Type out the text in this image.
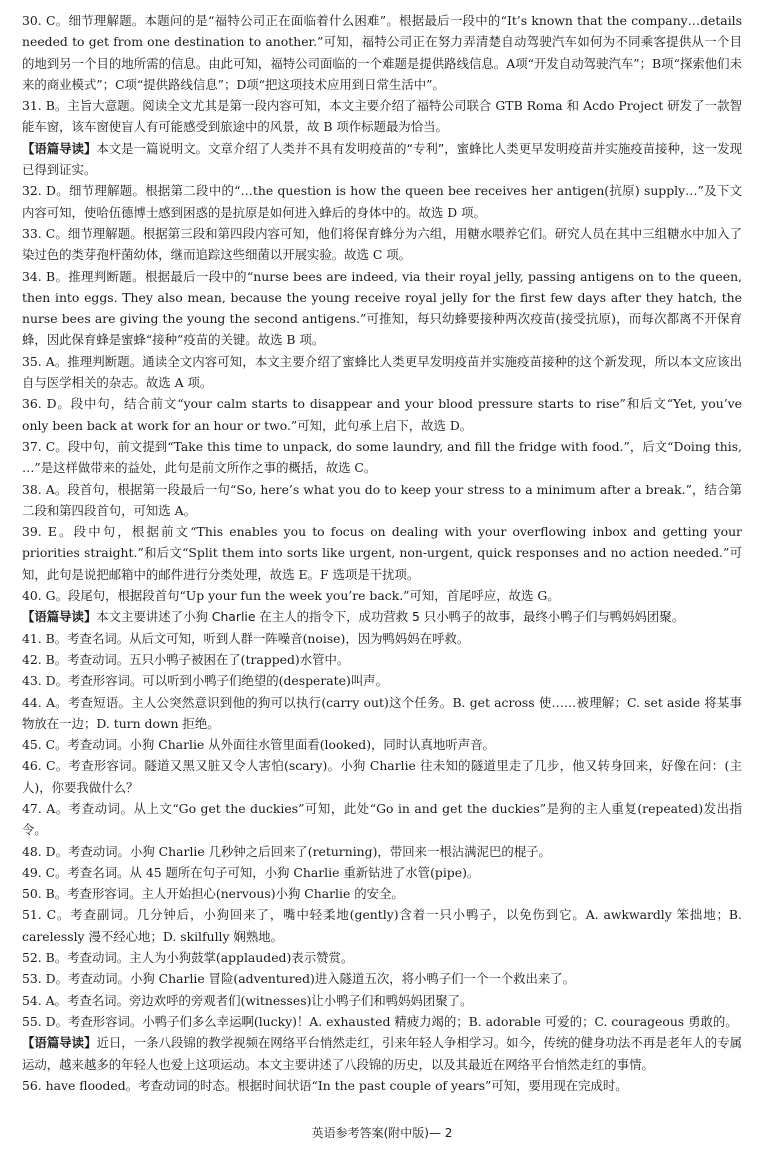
30. C。细节理解题。本题问的是“福特公司正在面临着什么困难”。根据最后一段中的“It’s known that the company…details needed to get from one destination to another.”可知，福特公司正在努力弄清楚自动驾驶汽车如何为不同乘客提供从一个目的地到另一个目的地所需的信息。由此可知，福特公司面临的一个难题是提供路线信息。A项“开发自动驾驶汽车”；B项“探索他们未来的商业模式”；C项“提供路线信息”；D项“把这项技术应用到日常生活中”。

31. B。主旨大意题。阅读全文尤其是第一段内容可知，本文主要介绍了福特公司联合 GTB Roma 和 Acdo Project 研发了一款智能车窗，该车窗使盲人有可能感受到旅途中的风景，故 B 项作标题最为恰当。

【语篇导读】本文是一篇说明文。文章介绍了人类并不具有发明疫苗的“专利”，蜜蜂比人类更早发明疫苗并实施疫苗接种，这一发现已得到证实。

32. D。细节理解题。根据第二段中的“…the question is how the queen bee receives her antigen(抗原) supply…”及下文内容可知，使哈伍德博士感到困惑的是抗原是如何进入蜂后的身体中的。故选 D 项。

33. C。细节理解题。根据第三段和第四段内容可知，他们将保育蜂分为六组，用糖水喂养它们。研究人员在其中三组糖水中加入了染过色的类芽孢杆菌幼体，继而追踪这些细菌以开展实验。故选 C 项。

34. B。推理判断题。根据最后一段中的“nurse bees are indeed, via their royal jelly, passing antigens on to the queen, then into eggs. They also mean, because the young receive royal jelly for the first few days after they hatch, the nurse bees are giving the young the second antigens.”可推知，每只幼蜂要接种两次疫苗(接受抗原)，而每次都离不开保育蜂，因此保育蜂是蜜蜂“接种”疫苗的关键。故选 B 项。

35. A。推理判断题。通读全文内容可知，本文主要介绍了蜜蜂比人类更早发明疫苗并实施疫苗接种的这个新发现，所以本文应该出自与医学相关的杂志。故选 A 项。

36. D。段中句，结合前文“your calm starts to disappear and your blood pressure starts to rise”和后文“Yet, you’ve only been back at work for an hour or two.”可知，此句承上启下，故选 D。

37. C。段中句，前文提到“Take this time to unpack, do some laundry, and fill the fridge with food.”，后文“Doing this, …”是这样做带来的益处，此句是前文所作之事的概括，故选 C。

38. A。段首句，根据第一段最后一句“So, here’s what you do to keep your stress to a minimum after a break.”，结合第二段和第四段首句，可知选 A。

39. E。段中句，根据前文“This enables you to focus on dealing with your overflowing inbox and getting your priorities straight.”和后文“Split them into sorts like urgent, non-urgent, quick responses and no action needed.”可知，此句是说把邮箱中的邮件进行分类处理，故选 E。F 选项是干扰项。

40. G。段尾句，根据段首句“Up your fun the week you’re back.”可知，首尾呼应，故选 G。

【语篇导读】本文主要讲述了小狗 Charlie 在主人的指令下，成功营救 5 只小鸭子的故事，最终小鸭子们与鸭妈妈团聚。

41. B。考查名词。从后文可知，听到人群一阵噪音(noise)，因为鸭妈妈在呼救。

42. B。考查动词。五只小鸭子被困在了(trapped)水管中。

43. D。考查形容词。可以听到小鸭子们绝望的(desperate)叫声。

44. A。考查短语。主人公突然意识到他的狗可以执行(carry out)这个任务。B. get across 使……被理解；C. set aside 将某事物放在一边；D. turn down 拒绝。

45. C。考查动词。小狗 Charlie 从外面往水管里面看(looked)，同时认真地听声音。

46. C。考查形容词。隧道又黑又脏又令人害怕(scary)。小狗 Charlie 往未知的隧道里走了几步，他又转身回来，好像在问：(主人)，你要我做什么？

47. A。考查动词。从上文“Go get the duckies”可知，此处“Go in and get the duckies”是狗的主人重复(repeated)发出指令。

48. D。考查动词。小狗 Charlie 几秒钟之后回来了(returning)，带回来一根沾满泥巴的棍子。

49. C。考查名词。从 45 题所在句子可知，小狗 Charlie 重新钻进了水管(pipe)。

50. B。考查形容词。主人开始担心(nervous)小狗 Charlie 的安全。

51. C。考查副词。几分钟后，小狗回来了，嘴中轻柔地(gently)含着一只小鸭子，以免伤到它。A. awkwardly 笨拙地；B. carelessly 漫不经心地；D. skilfully 娴熟地。

52. B。考查动词。主人为小狗鼓掌(applauded)表示赞赏。

53. D。考查动词。小狗 Charlie 冒险(adventured)进入隧道五次，将小鸭子们一个一个救出来了。

54. A。考查名词。旁边欢呼的旁观者们(witnesses)让小鸭子们和鸭妈妈团聚了。

55. D。考查形容词。小鸭子们多么幸运啊(lucky)！A. exhausted 精疲力竭的；B. adorable 可爱的；C. courageous 勇敢的。

【语篇导读】近日，一条八段锦的教学视频在网络平台悄然走红，引来年轻人争相学习。如今，传统的健身功法不再是老年人的专属运动，越来越多的年轻人也爱上这项运动。本文主要讲述了八段锦的历史，以及其最近在网络平台悄然走红的事情。

56. have flooded。考查动词的时态。根据时间状语“In the past couple of years”可知，要用现在完成时。

英语参考答案(附中版)— 2
